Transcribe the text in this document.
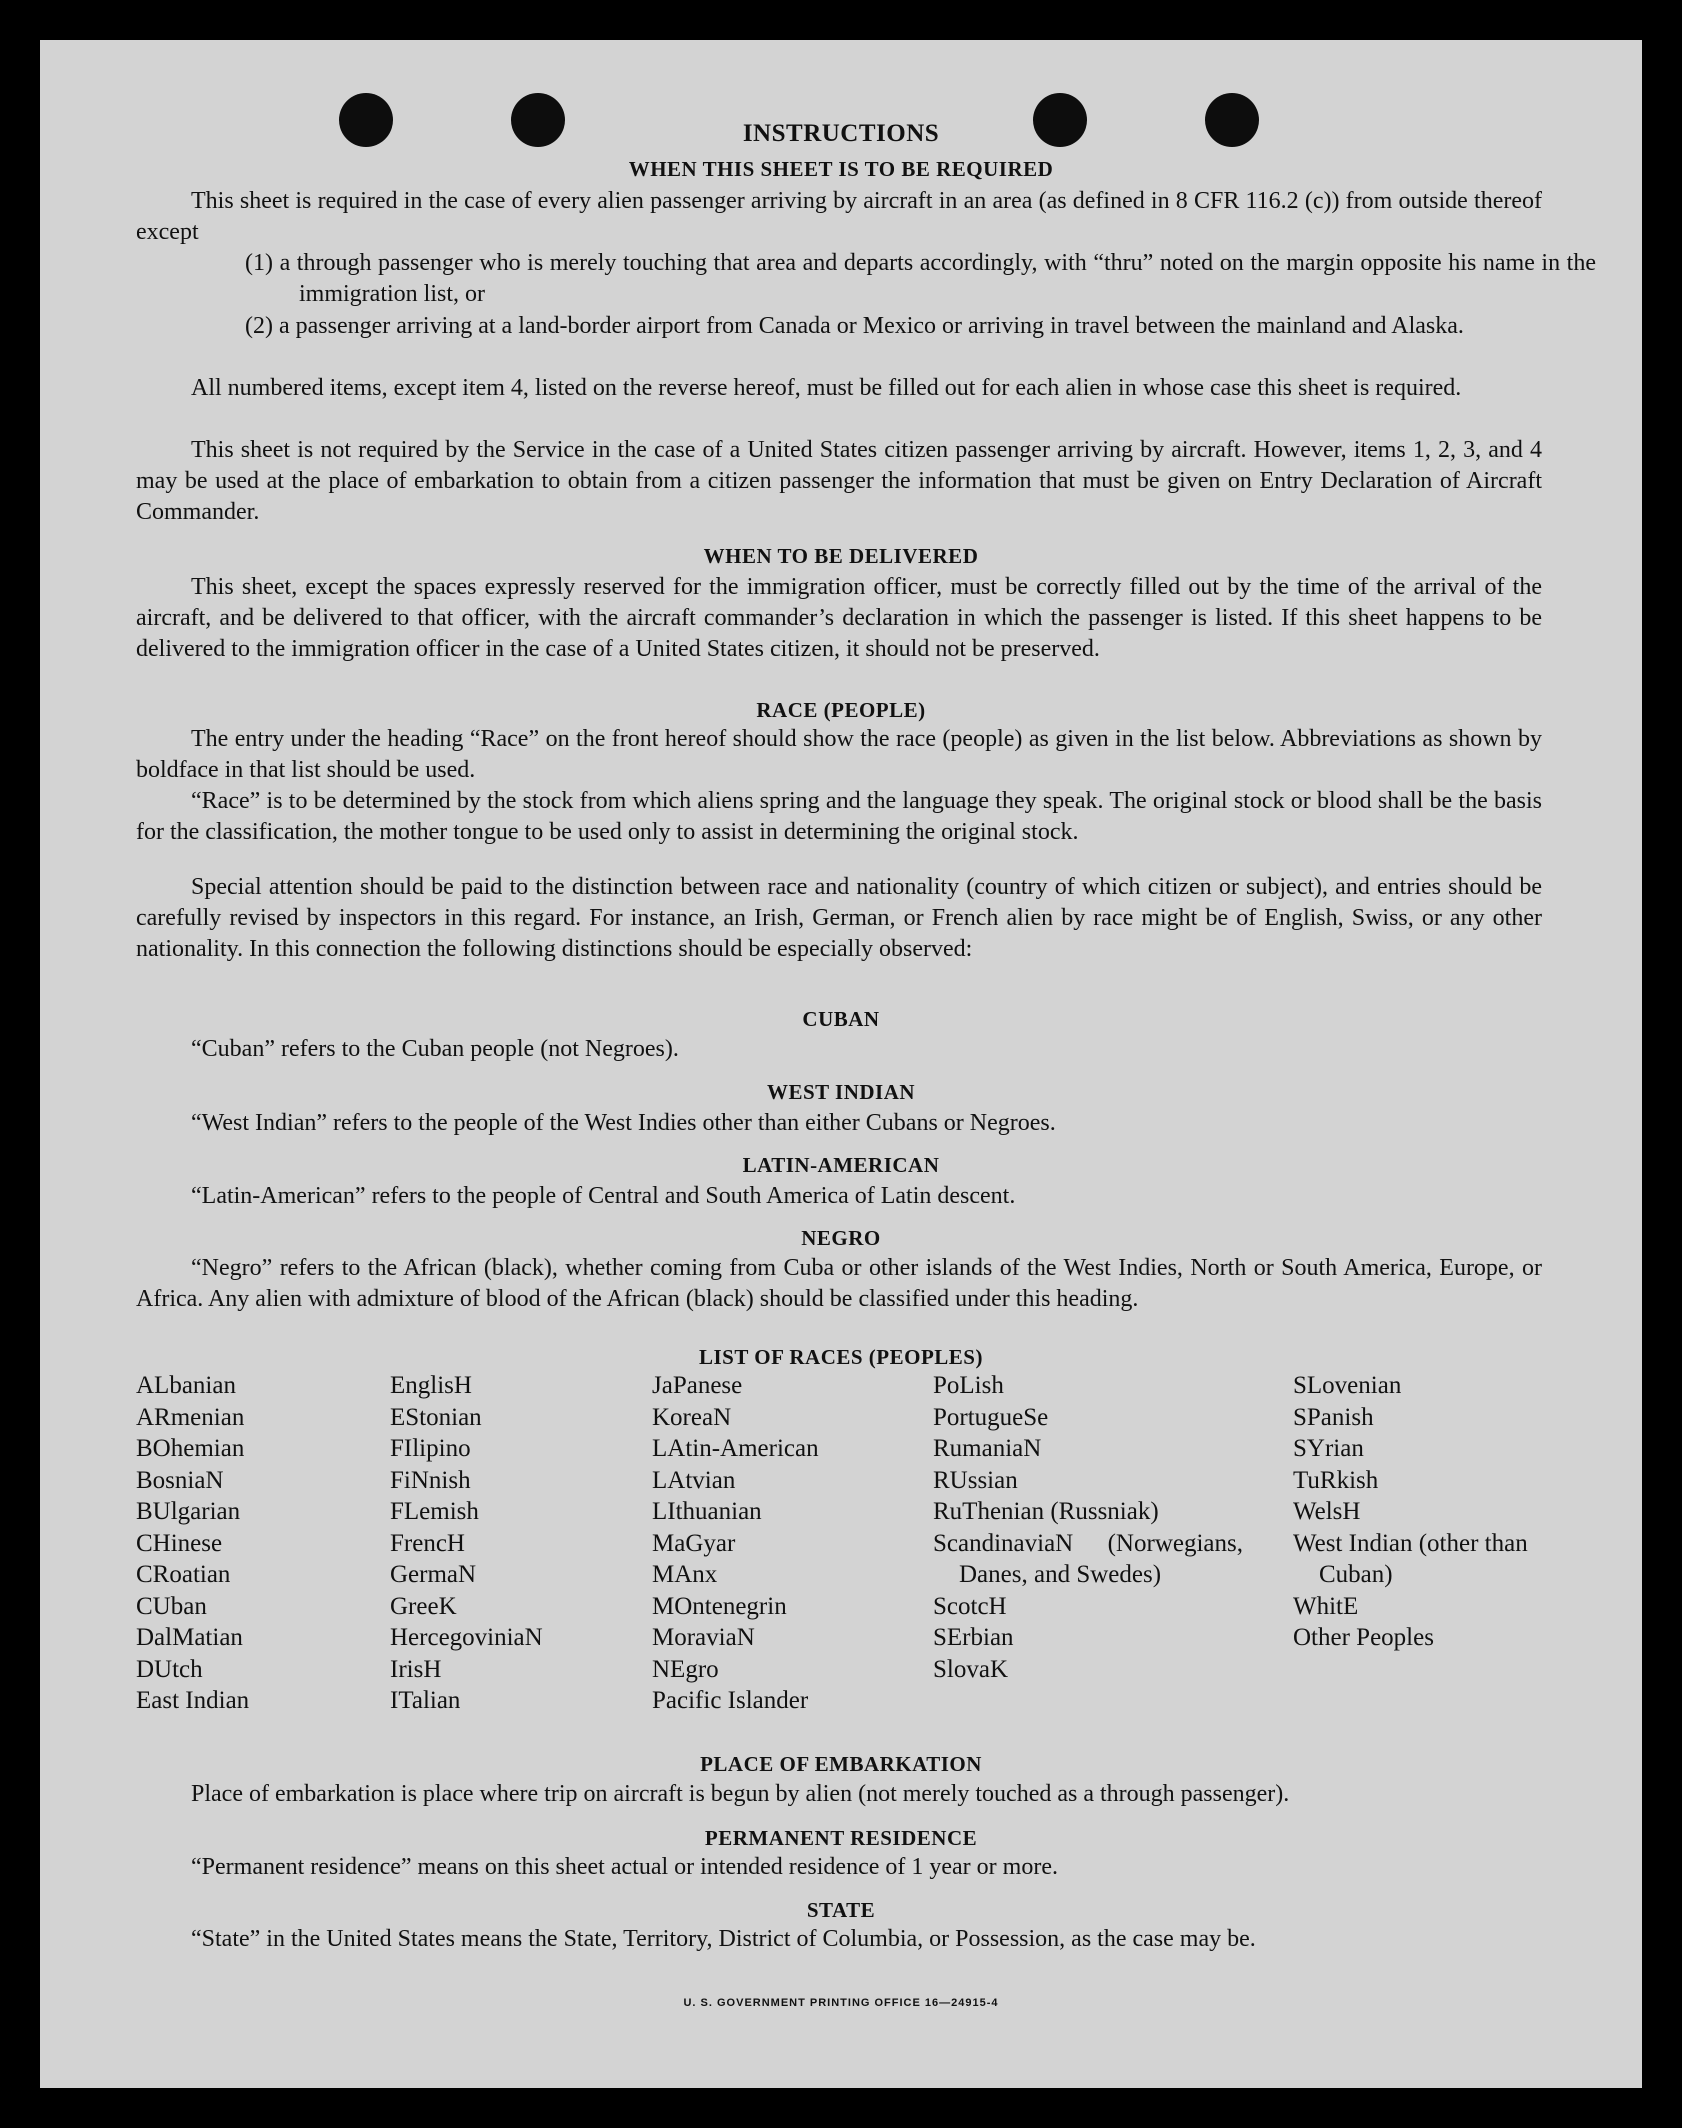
INSTRUCTIONS
WHEN THIS SHEET IS TO BE REQUIRED
This sheet is required in the case of every alien passenger arriving by aircraft in an area (as defined in 8 CFR 116.2 (c)) from outside thereof except
(1) a through passenger who is merely touching that area and departs accordingly, with “thru” noted on the margin opposite his name in the immigration list, or
(2) a passenger arriving at a land-border airport from Canada or Mexico or arriving in travel between the mainland and Alaska.
All numbered items, except item 4, listed on the reverse hereof, must be filled out for each alien in whose case this sheet is required.
This sheet is not required by the Service in the case of a United States citizen passenger arriving by aircraft. However, items 1, 2, 3, and 4 may be used at the place of embarkation to obtain from a citizen passenger the information that must be given on Entry Declaration of Aircraft Commander.
WHEN TO BE DELIVERED
This sheet, except the spaces expressly reserved for the immigration officer, must be correctly filled out by the time of the arrival of the aircraft, and be delivered to that officer, with the aircraft commander’s declaration in which the passenger is listed. If this sheet happens to be delivered to the immigration officer in the case of a United States citizen, it should not be preserved.
RACE (PEOPLE)
The entry under the heading “Race” on the front hereof should show the race (people) as given in the list below. Abbreviations as shown by boldface in that list should be used.
“Race” is to be determined by the stock from which aliens spring and the language they speak. The original stock or blood shall be the basis for the classification, the mother tongue to be used only to assist in determining the original stock.
Special attention should be paid to the distinction between race and nationality (country of which citizen or subject), and entries should be carefully revised by inspectors in this regard. For instance, an Irish, German, or French alien by race might be of English, Swiss, or any other nationality. In this connection the following distinctions should be especially observed:
CUBAN
“Cuban” refers to the Cuban people (not Negroes).
WEST INDIAN
“West Indian” refers to the people of the West Indies other than either Cubans or Negroes.
LATIN-AMERICAN
“Latin-American” refers to the people of Central and South America of Latin descent.
NEGRO
“Negro” refers to the African (black), whether coming from Cuba or other islands of the West Indies, North or South America, Europe, or Africa. Any alien with admixture of blood of the African (black) should be classified under this heading.
LIST OF RACES (PEOPLES)
ALbanian
ARmenian
BOhemian
BosniaN
BUlgarian
CHinese
CRoatian
CUban
DalMatian
DUtch
East Indian
EnglisH
EStonian
FIlipino
FiNnish
FLemish
FrencH
GermaN
GreeK
HercegoviniaN
IrisH
ITalian
JaPanese
KoreaN
LAtin-American
LAtvian
LIthuanian
MaGyar
MAnx
MOntenegrin
MoraviaN
NEgro
Pacific Islander
PoLish
PortugueSe
RumaniaN
RUssian
RuThenian (Russniak)
ScandinaviaN (Norwegians, Danes, and Swedes)
ScotcH
SErbian
SlovaK
SLovenian
SPanish
SYrian
TuRkish
WelsH
West Indian (other than Cuban)
WhitE
Other Peoples
PLACE OF EMBARKATION
Place of embarkation is place where trip on aircraft is begun by alien (not merely touched as a through passenger).
PERMANENT RESIDENCE
“Permanent residence” means on this sheet actual or intended residence of 1 year or more.
STATE
“State” in the United States means the State, Territory, District of Columbia, or Possession, as the case may be.
U. S. GOVERNMENT PRINTING OFFICE 16—24915-4
